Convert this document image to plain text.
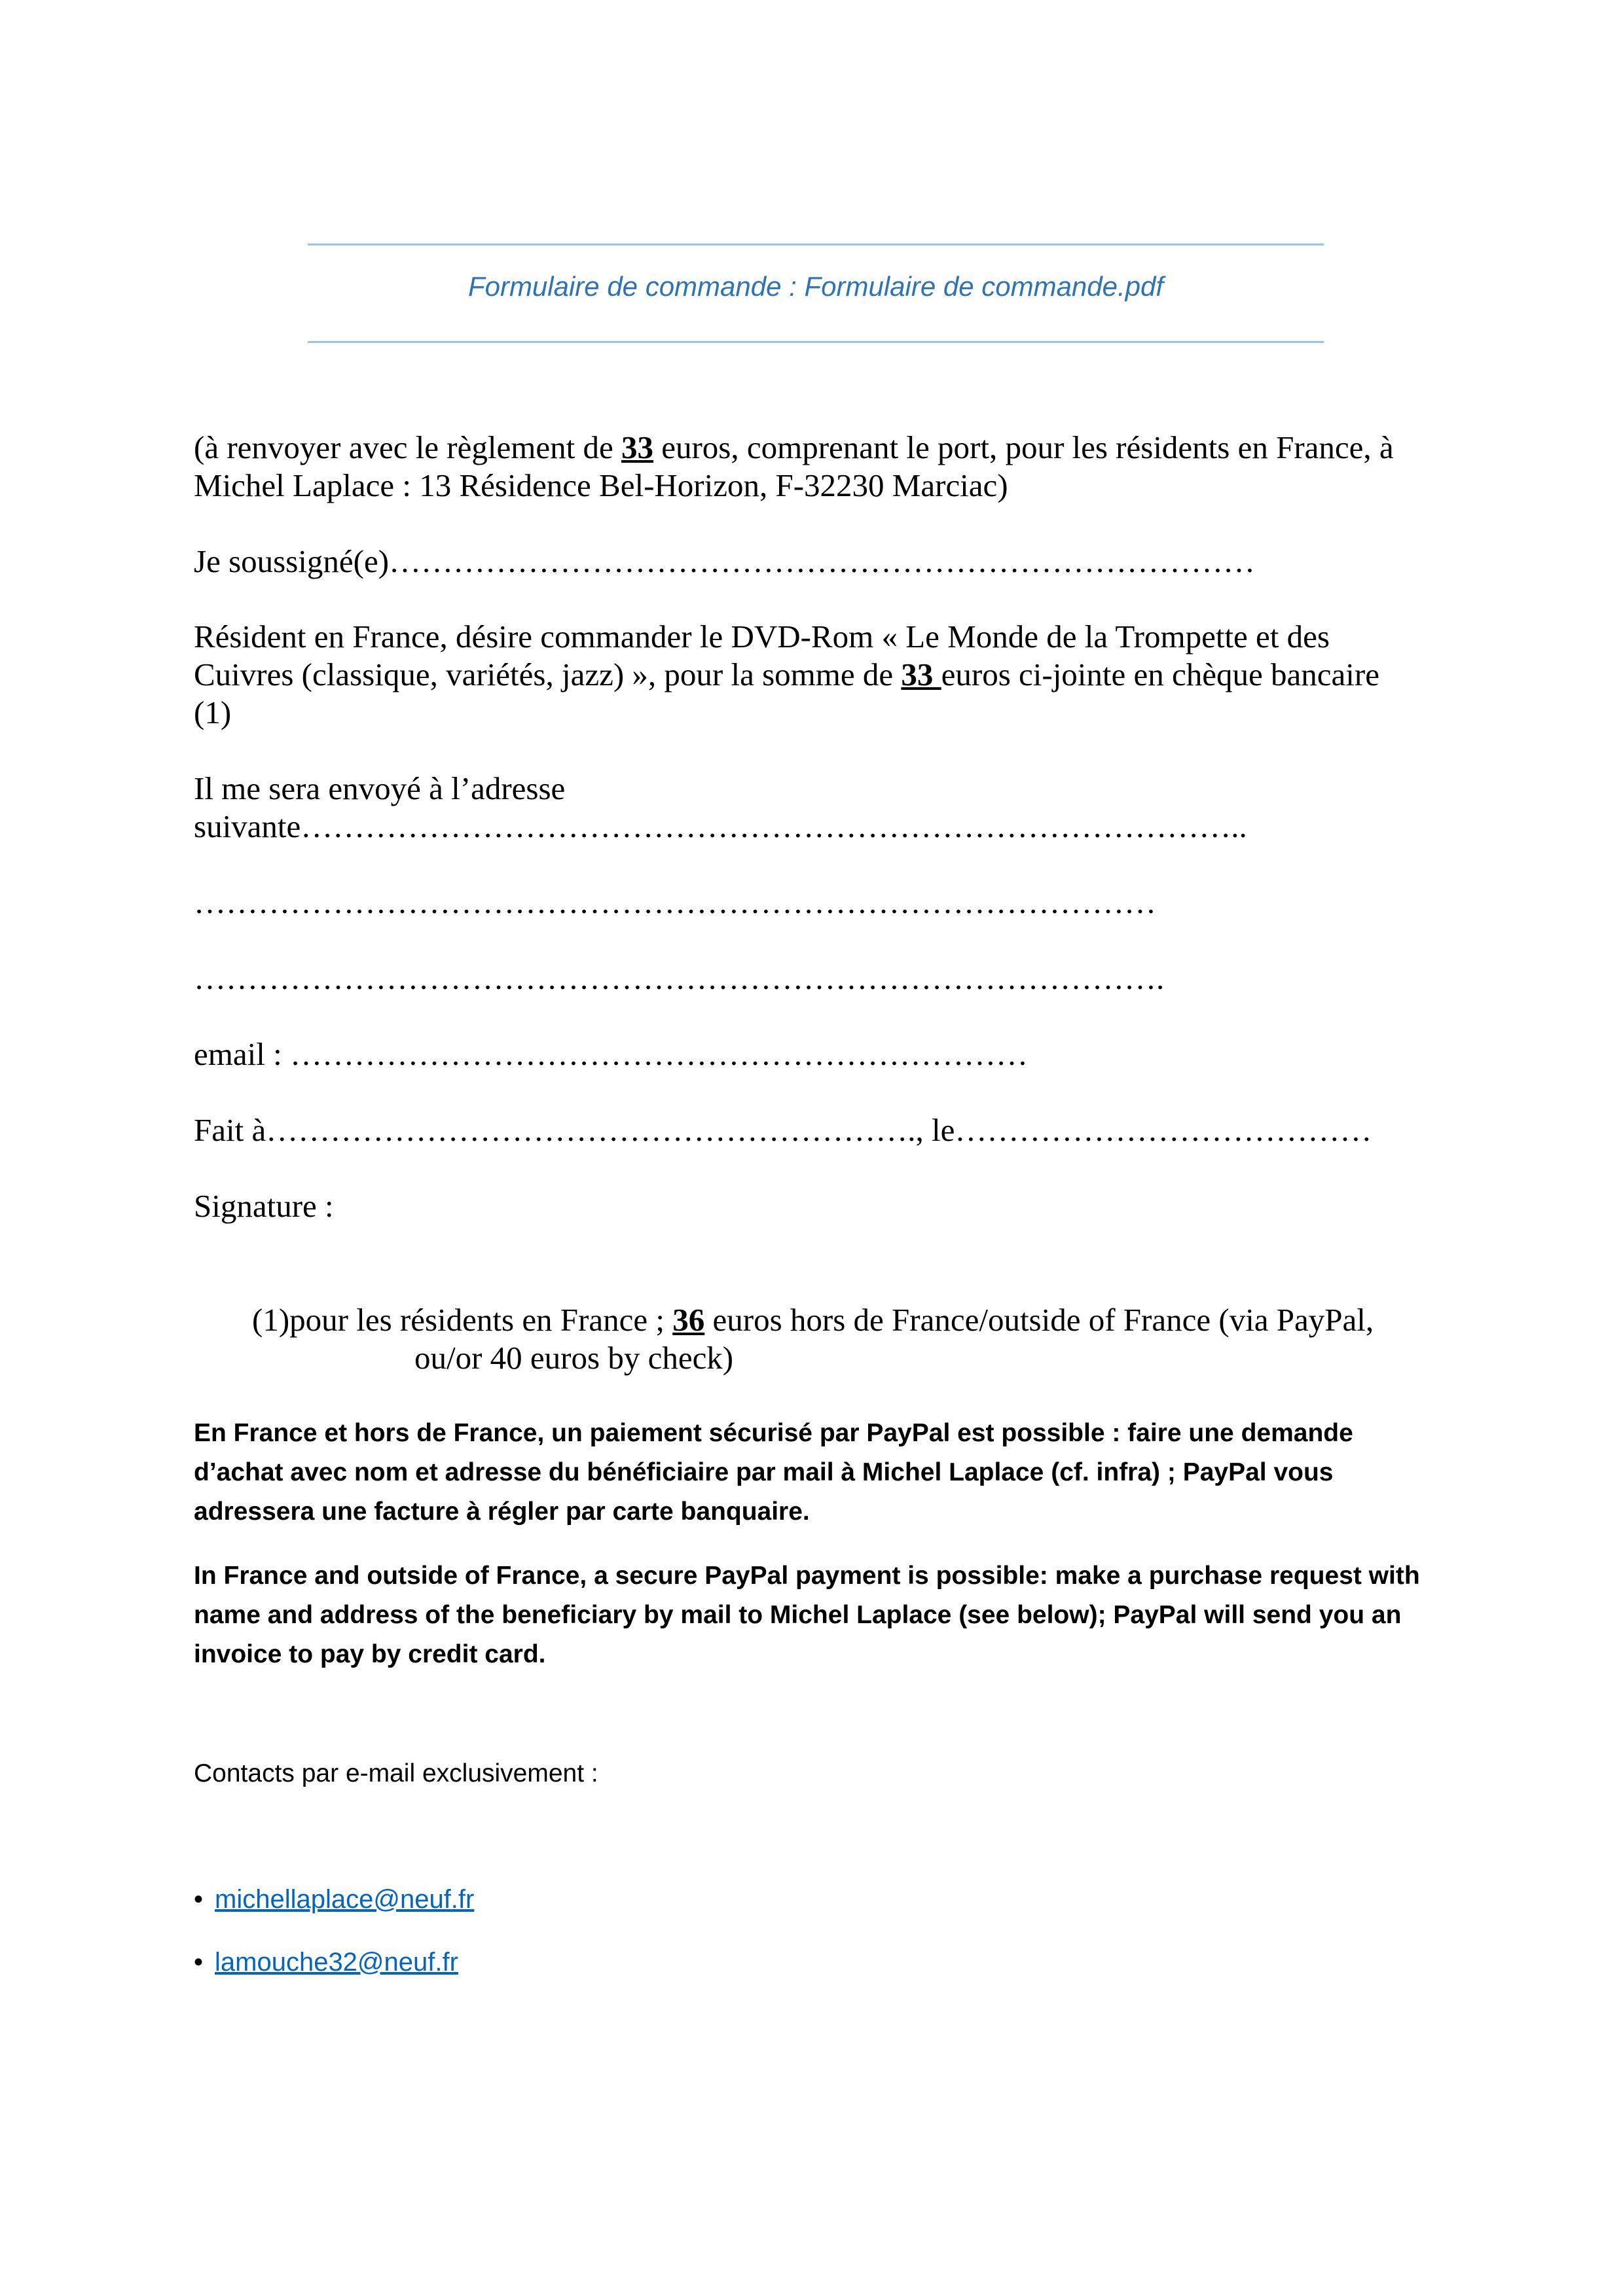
Formulaire de commande : Formulaire de commande.pdf

(à renvoyer avec le règlement de 33 euros, comprenant le port, pour les résidents en France, à
Michel Laplace : 13 Résidence Bel-Horizon, F-32230 Marciac)

Je soussigné(e)………………………………………………………………………

Résident en France, désire commander le DVD-Rom « Le Monde de la Trompette et des
Cuivres (classique, variétés, jazz) », pour la somme de 33 euros ci-jointe en chèque bancaire
(1)

Il me sera envoyé à l’adresse
suivante……………………………………………………………………………..

………………………………………………………………………………

……………………………………………………………………………….

email : ……………………………………………………………

Fait à……………………………………………………., le…………………………………

Signature :

(1)pour les résidents en France ; 36 euros hors de France/outside of France (via PayPal,
ou/or 40 euros by check)

En France et hors de France, un paiement sécurisé par PayPal est possible : faire une demande d’achat avec nom et adresse du bénéficiaire par mail à Michel Laplace (cf. infra) ; PayPal vous adressera une facture à régler par carte banquaire.

In France and outside of France, a secure PayPal payment is possible: make a purchase request with name and address of the beneficiary by mail to Michel Laplace (see below); PayPal will send you an invoice to pay by credit card.

Contacts par e-mail exclusivement :

• michellaplace@neuf.fr

• lamouche32@neuf.fr
